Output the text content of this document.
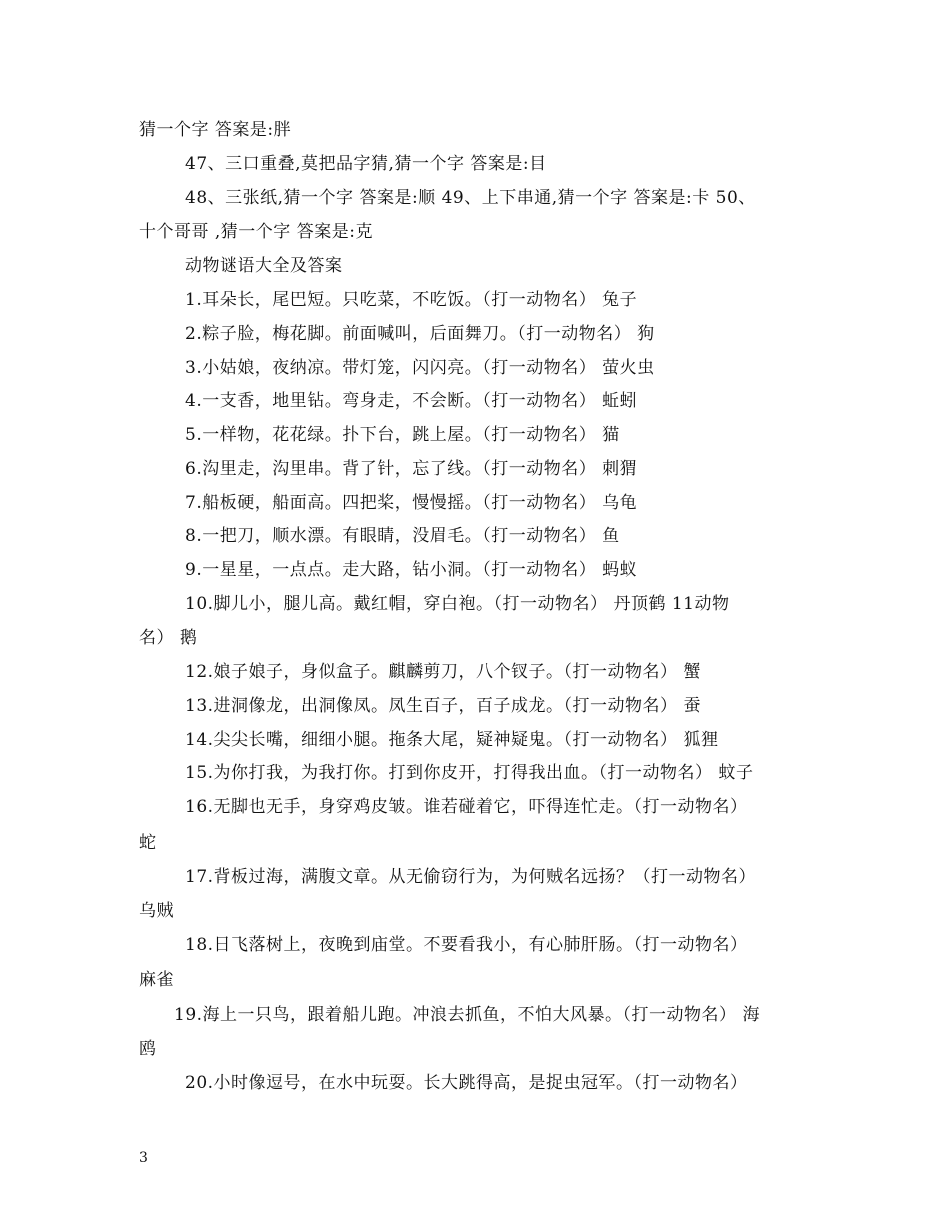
猜一个字 答案是:胖
47、三口重叠,莫把品字猜,猜一个字 答案是:目
48、三张纸,猜一个字 答案是:顺 49、上下串通,猜一个字 答案是:卡 50、
十个哥哥 ,猜一个字 答案是:克
动物谜语大全及答案
1.耳朵长，尾巴短。只吃菜，不吃饭。（打一动物名） 兔子
2.粽子脸，梅花脚。前面喊叫，后面舞刀。（打一动物名） 狗
3.小姑娘，夜纳凉。带灯笼，闪闪亮。（打一动物名） 萤火虫
4.一支香，地里钻。弯身走，不会断。（打一动物名） 蚯蚓
5.一样物，花花绿。扑下台，跳上屋。（打一动物名） 猫
6.沟里走，沟里串。背了针，忘了线。（打一动物名） 刺猬
7.船板硬，船面高。四把桨，慢慢摇。（打一动物名） 乌龟
8.一把刀，顺水漂。有眼睛，没眉毛。（打一动物名） 鱼
9.一星星，一点点。走大路，钻小洞。（打一动物名） 蚂蚁
10.脚儿小，腿儿高。戴红帽，穿白袍。（打一动物名） 丹顶鹤 11动物
名） 鹅
12.娘子娘子，身似盒子。麒麟剪刀，八个钗子。（打一动物名） 蟹
13.进洞像龙，出洞像凤。凤生百子，百子成龙。（打一动物名） 蚕
14.尖尖长嘴，细细小腿。拖条大尾，疑神疑鬼。（打一动物名） 狐狸
15.为你打我，为我打你。打到你皮开，打得我出血。（打一动物名） 蚊子
16.无脚也无手，身穿鸡皮皱。谁若碰着它，吓得连忙走。（打一动物名）
蛇
17.背板过海，满腹文章。从无偷窃行为，为何贼名远扬？（打一动物名）
乌贼
18.日飞落树上，夜晚到庙堂。不要看我小，有心肺肝肠。（打一动物名）
麻雀
19.海上一只鸟，跟着船儿跑。冲浪去抓鱼，不怕大风暴。（打一动物名） 海
鸥
20.小时像逗号，在水中玩耍。长大跳得高，是捉虫冠军。（打一动物名）
3
